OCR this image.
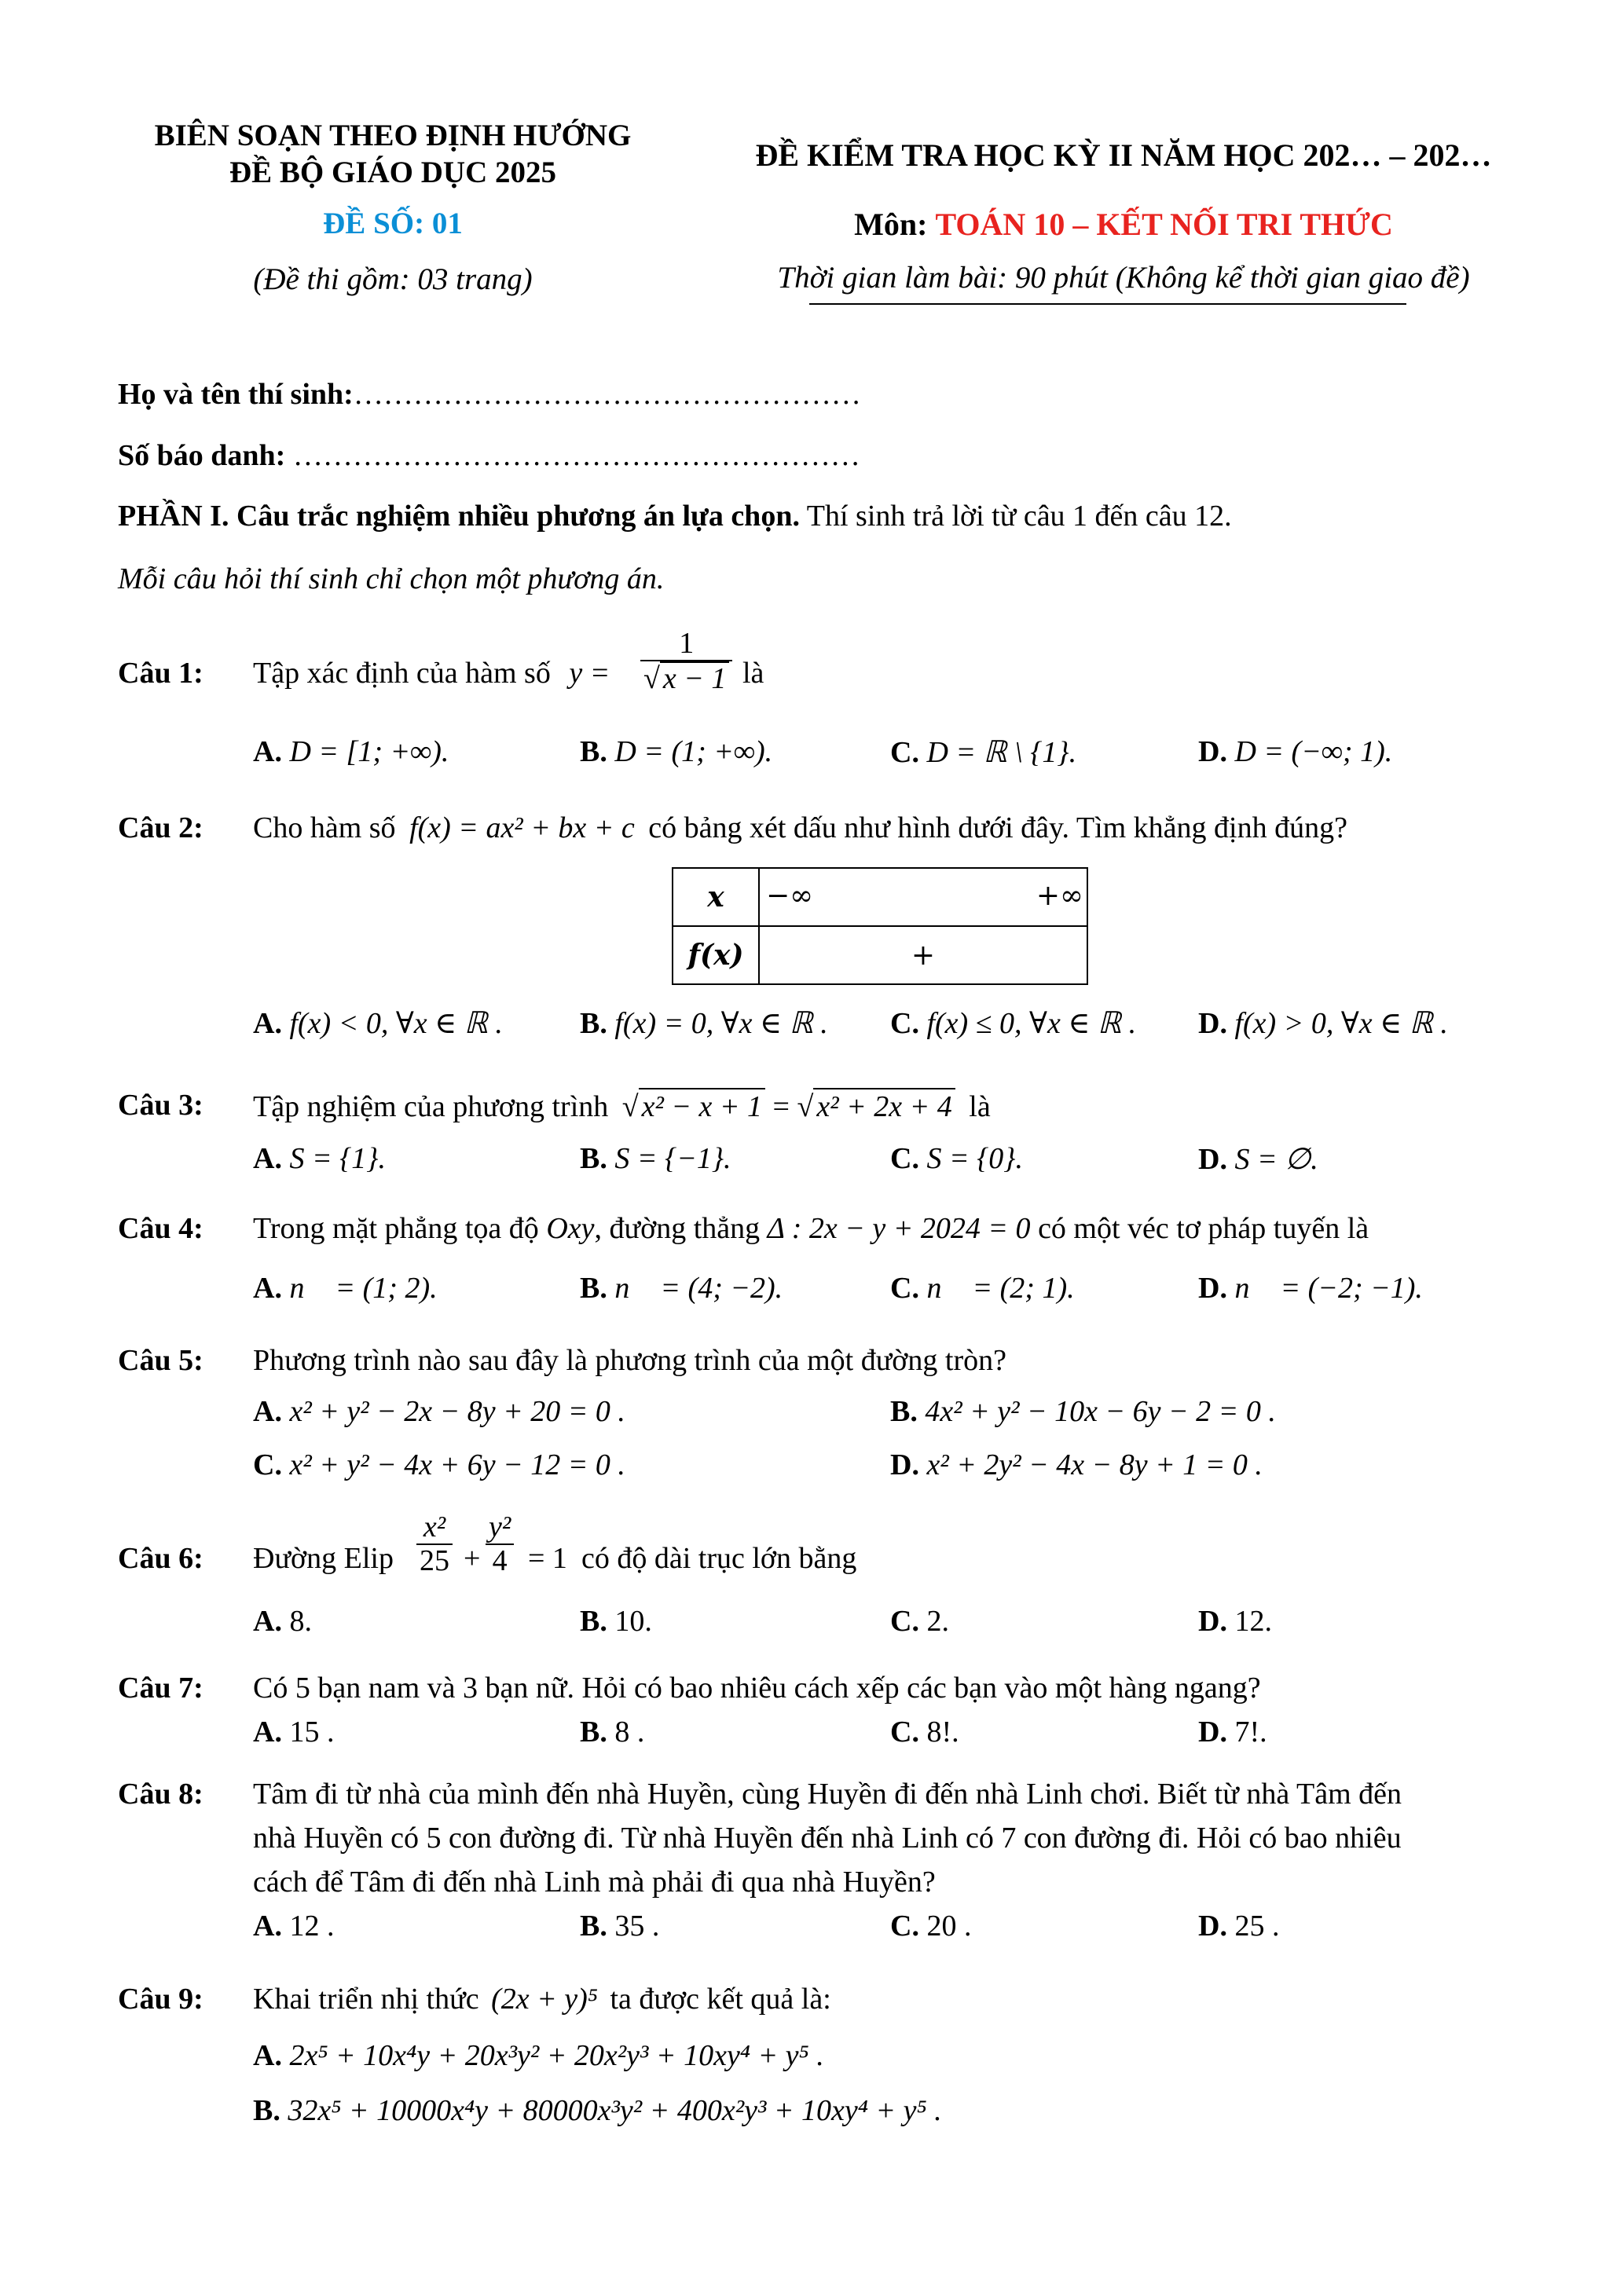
BIÊN SOẠN THEO ĐỊNH HƯỚNG
ĐỀ BỘ GIÁO DỤC 2025
ĐỀ SỐ: 01
(Đề thi gồm: 03 trang)
ĐỀ KIỂM TRA HỌC KỲ II NĂM HỌC 202… – 202…
Môn: TOÁN 10 – KẾT NỐI TRI THỨC
Thời gian làm bài: 90 phút (Không kể thời gian giao đề)
Họ và tên thí sinh:……………………………………………
Số báo danh: …………………………………………………
PHẦN I. Câu trắc nghiệm nhiều phương án lựa chọn. Thí sinh trả lời từ câu 1 đến câu 12.
Mỗi câu hỏi thí sinh chỉ chọn một phương án.
Câu 1: Tập xác định của hàm số $y = \frac{1}{√ x - 1}$ là
A. D = [1; +∞).	B. D = (1; +∞).	C. D = ℝ \ {1}.	D. D = (−∞; 1).
Câu 2: Cho hàm số f(x) = ax² + bx + c có bảng xét dấu như hình dưới đây. Tìm khẳng định đúng?
x	−∞ +∞

f(x)	+
A. f(x) < 0, ∀x ∈ ℝ .	B. f(x) = 0, ∀x ∈ ℝ . C. f(x) ≤ 0, ∀x ∈ ℝ . D. f(x) > 0, ∀x ∈ ℝ .
Câu 3: Tập nghiệm của phương trình √ x² − x + 1 = √ x² + 2x + 4 là
A. S = {1}.	B. S = {−1}.	C. S = {0}.	D. S = ∅.
Câu 4: Trong mặt phẳng tọa độ Oxy, đường thẳng Δ : 2x − y + 2024 = 0 có một véc tơ pháp tuyến là
A. n⃗ = (1; 2).	B. n⃗ = (4; −2).	C. n⃗ = (2; 1).	D. n⃗ = (−2; −1).
Câu 5: Phương trình nào sau đây là phương trình của một đường tròn?
A. x² + y² − 2x − 8y + 20 = 0 .	B. 4x² + y² − 10x − 6y − 2 = 0 .
C. x² + y² − 4x + 6y − 12 = 0 .	D. x² + 2y² − 4x − 8y + 1 = 0 .
Câu 6: Đường Elip $\frac{\text{x²}}{25} + \frac{\text{y²}}{4} = 1$ có độ dài trục lớn bằng
A. 8.	B. 10.	C. 2.	D. 12.
Câu 7: Có 5 bạn nam và 3 bạn nữ. Hỏi có bao nhiêu cách xếp các bạn vào một hàng ngang?
A. 15 .	B. 8 .	C. 8!.	D. 7!.
Câu 8: Tâm đi từ nhà của mình đến nhà Huyền, cùng Huyền đi đến nhà Linh chơi. Biết từ nhà Tâm đến
nhà Huyền có 5 con đường đi. Từ nhà Huyền đến nhà Linh có 7 con đường đi. Hỏi có bao nhiêu
cách để Tâm đi đến nhà Linh mà phải đi qua nhà Huyền?
A. 12 .	B. 35 .	C. 20 .	D. 25 .
Câu 9: Khai triển nhị thức (2x + y)⁵ ta được kết quả là:
A. 2x⁵ + 10x⁴y + 20x³y² + 20x²y³ + 10xy⁴ + y⁵ .
B. 32x⁵ + 10000x⁴y + 80000x³y² + 400x²y³ + 10xy⁴ + y⁵ .
